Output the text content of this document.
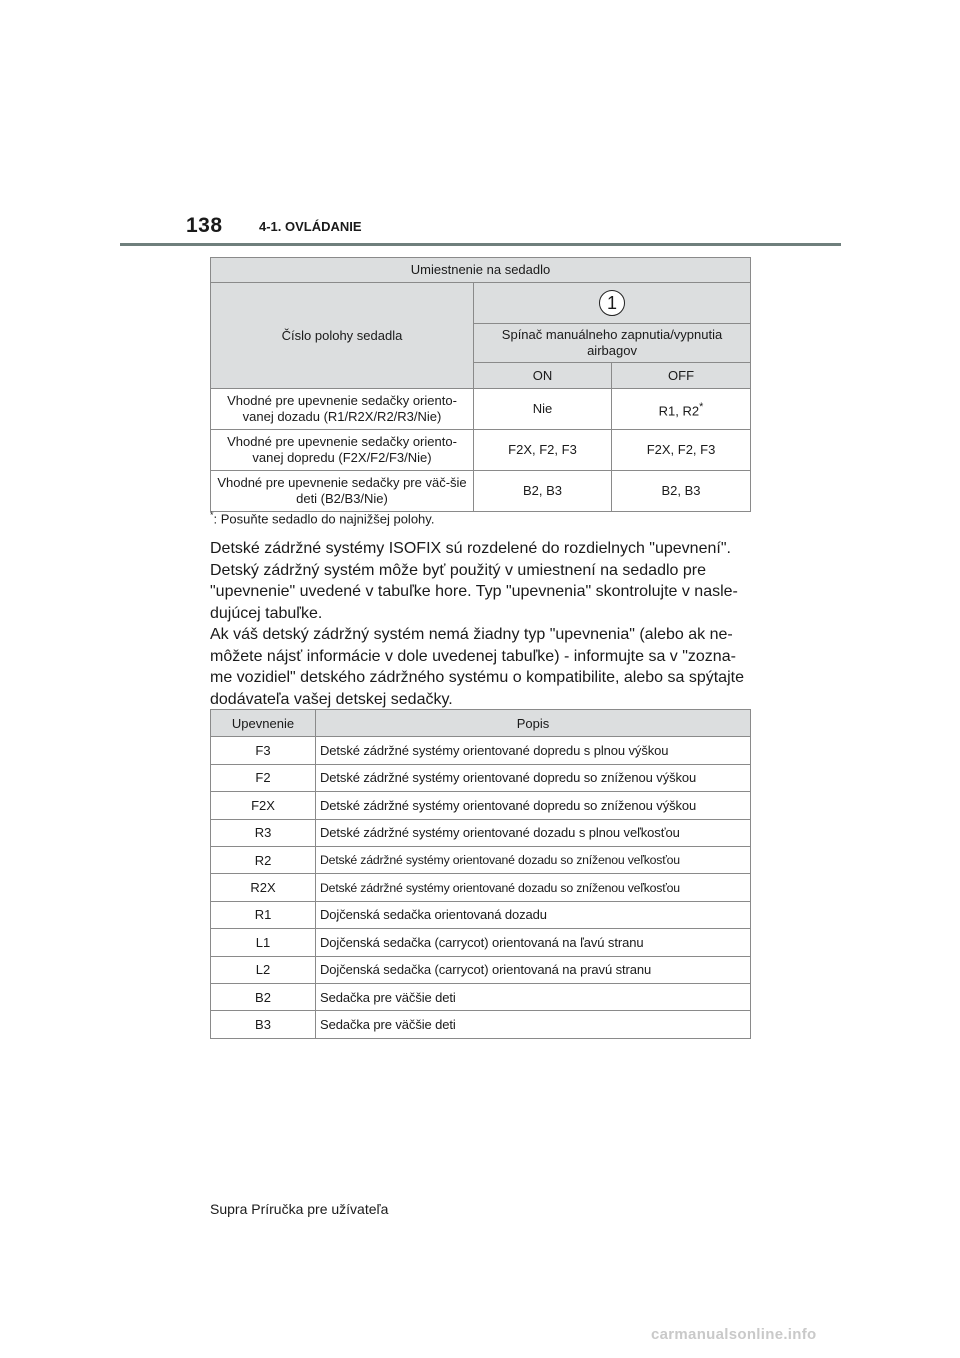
138	4-1. OVLÁDANIE
Umiestnenie na sedadlo		
Číslo polohy sedadla	1	
	Spínač manuálneho zapnutia/vypnutia airbagov	
	ON	OFF
Vhodné pre upevnenie sedačky oriento-vanej dozadu (R1/R2X/R2/R3/Nie)	Nie	R1, R2*
Vhodné pre upevnenie sedačky oriento-vanej dopredu (F2X/F2/F3/Nie)	F2X, F2, F3	F2X, F2, F3
Vhodné pre upevnenie sedačky pre väč-šie deti (B2/B3/Nie)	B2, B3	B2, B3
*: Posuňte sedadlo do najnižšej polohy.

Detské zádržné systémy ISOFIX sú rozdelené do rozdielnych "upevnení". Detský zádržný systém môže byť použitý v umiestnení na sedadlo pre "upevnenie" uvedené v tabuľke hore. Typ "upevnenia" skontrolujte v nasle-dujúcej tabuľke.

Ak váš detský zádržný systém nemá žiadny typ "upevnenia" (alebo ak ne-môžete nájsť informácie v dole uvedenej tabuľke) - informujte sa v "zozna-me vozidiel" detského zádržného systému o kompatibilite, alebo sa spýtajte dodávateľa vašej detskej sedačky.

Upevnenie	Popis
F3	Detské zádržné systémy orientované dopredu s plnou výškou
F2	Detské zádržné systémy orientované dopredu so zníženou výškou
F2X	Detské zádržné systémy orientované dopredu so zníženou výškou
R3	Detské zádržné systémy orientované dozadu s plnou veľkosťou
R2	Detské zádržné systémy orientované dozadu so zníženou veľkosťou
R2X	Detské zádržné systémy orientované dozadu so zníženou veľkosťou
R1	Dojčenská sedačka orientovaná dozadu
L1	Dojčenská sedačka (carrycot) orientovaná na ľavú stranu
L2	Dojčenská sedačka (carrycot) orientovaná na pravú stranu
B2	Sedačka pre väčšie deti
B3	Sedačka pre väčšie deti
Supra Príručka pre užívateľa
carmanualsonline.info
